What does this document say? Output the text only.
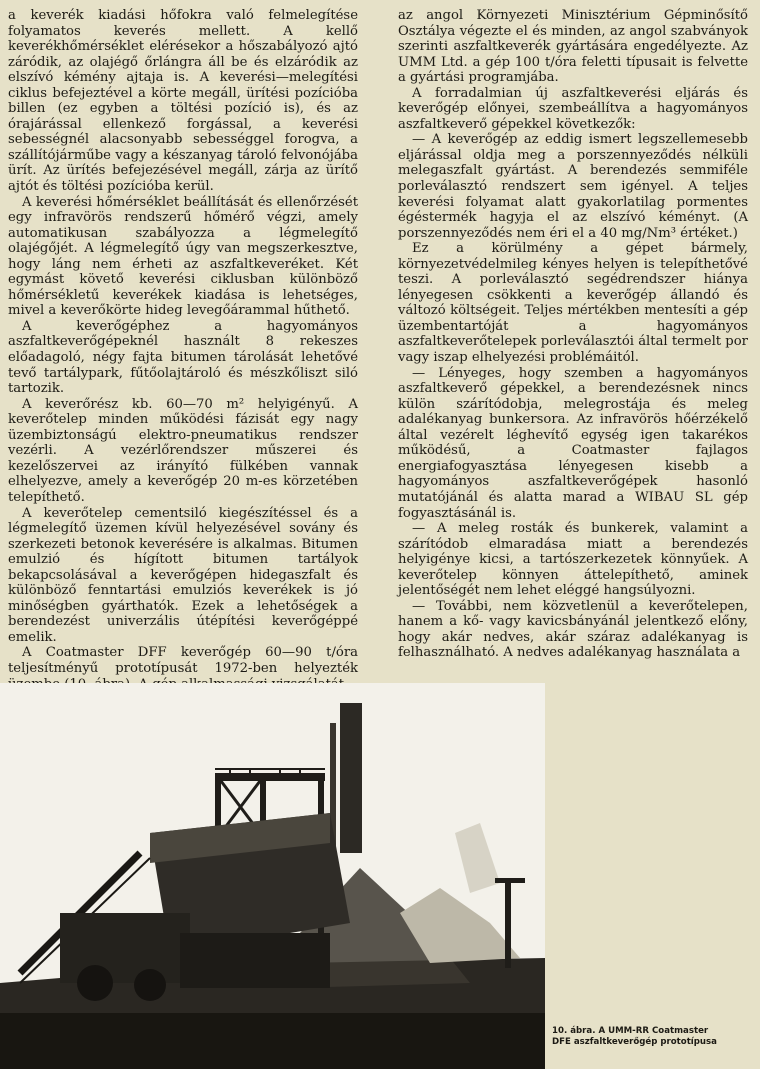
a keverék kiadási hőfokra való felmelegítése folyamatos keverés mellett. A kellő keverékhőmérséklet elérésekor a hőszabályozó ajtó záródik, az olajégő őrlángra áll be és elzáródik az elszívó kémény ajtaja is. A keverési—melegítési ciklus befejeztével a körte megáll, ürítési pozícióba billen (ez egyben a töltési pozíció is), és az órajárással ellenkező forgással, a keverési sebességnél alacsonyabb sebességgel forogva, a szállítójárműbe vagy a készanyag tároló felvonójába ürít. Az ürítés befejezésével megáll, zárja az ürítő ajtót és töltési pozícióba kerül.

A keverési hőmérséklet beállítását és ellenőrzését egy infravörös rendszerű hőmérő végzi, amely automatikusan szabályozza a légmelegítő olajégőjét. A légmelegítő úgy van megszerkesztve, hogy láng nem érheti az aszfaltkeveréket. Két egymást követő keverési ciklusban különböző hőmérsékletű keverékek kiadása is lehetséges, mivel a keverőkörte hideg levegőárammal hűthető.

A keverőgéphez a hagyományos aszfaltkeverőgépeknél használt 8 rekeszes előadagoló, négy fajta bitumen tárolását lehetővé tevő tartálypark, fűtőolajtároló és mészkőliszt siló tartozik.

A keverőrész kb. 60—70 m² helyigényű. A keverőtelep minden működési fázisát egy nagy üzembiztonságú elektro-pneumatikus rendszer vezérli. A vezérlőrendszer műszerei és kezelőszervei az irányító fülkében vannak elhelyezve, amely a keverőgép 20 m-es körzetében telepíthető.

A keverőtelep cementsiló kiegészítéssel és a légmelegítő üzemen kívül helyezésével sovány és szerkezeti betonok keverésére is alkalmas. Bitumen emulzió és hígított bitumen tartályok bekapcsolásával a keverőgépen hidegaszfalt és különböző fenntartási emulziós keverékek is jó minőségben gyárthatók. Ezek a lehetőségek a berendezést univerzális útépítési keverőgéppé emelik.

A Coatmaster DFF keverőgép 60—90 t/óra teljesítményű prototípusát 1972-ben helyezték

az angol Környezeti Minisztérium Gépminősítő Osztálya végezte el és minden, az angol szabványok szerinti aszfaltkeverék gyártására engedélyezte. Az UMM Ltd. a gép 100 t/óra feletti típusait is felvette a gyártási programjába.

A forradalmian új aszfaltkeverési eljárás és keverőgép előnyei, szembeállítva a hagyományos aszfaltkeverő gépekkel következők:

— A keverőgép az eddig ismert legszellemesebb eljárással oldja meg a porszennyeződés nélküli melegaszfalt gyártást. A berendezés semmiféle porleválasztó rendszert sem igényel. A teljes keverési folyamat alatt gyakorlatilag pormentes égéstermék hagyja el az elszívó kéményt. (A porszennyeződés nem éri el a 40 mg/Nm³ értéket.)

Ez a körülmény a gépet bármely, környezetvédelmileg kényes helyen is telepíthetővé teszi. A porleválasztó segédrendszer hiánya lényegesen csökkenti a keverőgép állandó és változó költségeit. Teljes mértékben mentesíti a gép üzembentartóját a hagyományos aszfaltkeverőtelepek porleválasztói által termelt por vagy iszap elhelyezési problémáitól.

— Lényeges, hogy szemben a hagyományos aszfaltkeverő gépekkel, a berendezésnek nincs külön szárítódobja, melegrostája és meleg adalékanyag bunkersora. Az infravörös hőérzékelő által vezérelt léghevítő egység igen takarékos működésű, a Coatmaster fajlagos energiafogyasztása lényegesen kisebb a hagyományos aszfaltkeverőgépek hasonló mutatójánál és alatta marad a WIBAU SL gép fogyasztásánál is.

— A meleg rosták és bunkerek, valamint a szárítódob elmaradása miatt a berendezés helyigénye kicsi, a tartószerkezetek könnyűek. A keverőtelep könnyen áttelepíthető, aminek jelentőségét nem lehet eléggé hangsúlyozni.

— További, nem közvetlenül a keverőtelepen, hanem a kő- vagy kavicsbányánál jelentkező előny, hogy akár nedves, akár száraz adalékanyag is felhasználható. A nedves adalékanyag használata a

10. ábra. A UMM-RR Coatmaster
DFE aszfaltkeverőgép prototípusa
